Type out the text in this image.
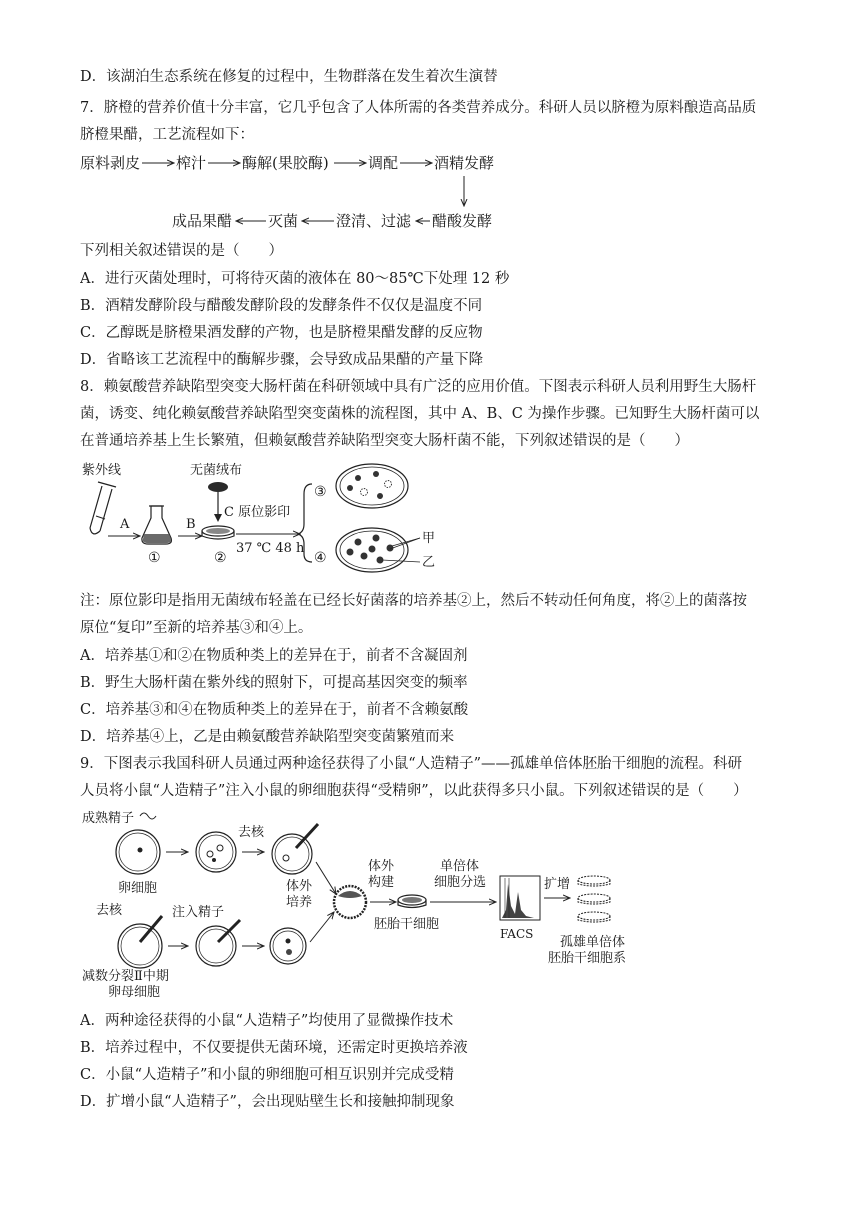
D．该湖泊生态系统在修复的过程中，生物群落在发生着次生演替
7．脐橙的营养价值十分丰富，它几乎包含了人体所需的各类营养成分。科研人员以脐橙为原料酿造高品质
脐橙果醋，工艺流程如下：
原料剥皮 榨汁 酶解(果胶酶)	调配 酒精发酵
成品果醋 灭菌	澄清、过滤 醋酸发酵
下列相关叙述错误的是（　　）
A．进行灭菌处理时，可将待灭菌的液体在 80～85℃下处理 12 秒
B．酒精发酵阶段与醋酸发酵阶段的发酵条件不仅仅是温度不同
C．乙醇既是脐橙果酒发酵的产物，也是脐橙果醋发酵的反应物
D．省略该工艺流程中的酶解步骤，会导致成品果醋的产量下降
8．赖氨酸营养缺陷型突变大肠杆菌在科研领域中具有广泛的应用价值。下图表示科研人员利用野生大肠杆
菌，诱变、纯化赖氨酸营养缺陷型突变菌株的流程图，其中 A、B、C 为操作步骤。已知野生大肠杆菌可以
在普通培养基上生长繁殖，但赖氨酸营养缺陷型突变大肠杆菌不能，下列叙述错误的是（　　）
紫外线
A
①
B
无菌绒布
②
C 原位影印
37 ℃ 48 h
③
④
甲
乙
注：原位影印是指用无菌绒布轻盖在已经长好菌落的培养基②上，然后不转动任何角度，将②上的菌落按
原位“复印”至新的培养基③和④上。
A．培养基①和②在物质种类上的差异在于，前者不含凝固剂
B．野生大肠杆菌在紫外线的照射下，可提高基因突变的频率
C．培养基③和④在物质种类上的差异在于，前者不含赖氨酸
D．培养基④上，乙是由赖氨酸营养缺陷型突变菌繁殖而来
9．下图表示我国科研人员通过两种途径获得了小鼠“人造精子”——孤雄单倍体胚胎干细胞的流程。科研
人员将小鼠“人造精子”注入小鼠的卵细胞获得“受精卵”，以此获得多只小鼠。下列叙述错误的是（　　）
成熟精子
卵细胞
去核
去核
减数分裂Ⅱ中期
卵母细胞
注入精子
体外
培养
体外
构建
胚胎干细胞
单倍体
细胞分选
FACS
扩增
孤雄单倍体
胚胎干细胞系
A．两种途径获得的小鼠“人造精子”均使用了显微操作技术
B．培养过程中，不仅要提供无菌环境，还需定时更换培养液
C．小鼠“人造精子”和小鼠的卵细胞可相互识别并完成受精
D．扩增小鼠“人造精子”，会出现贴壁生长和接触抑制现象
